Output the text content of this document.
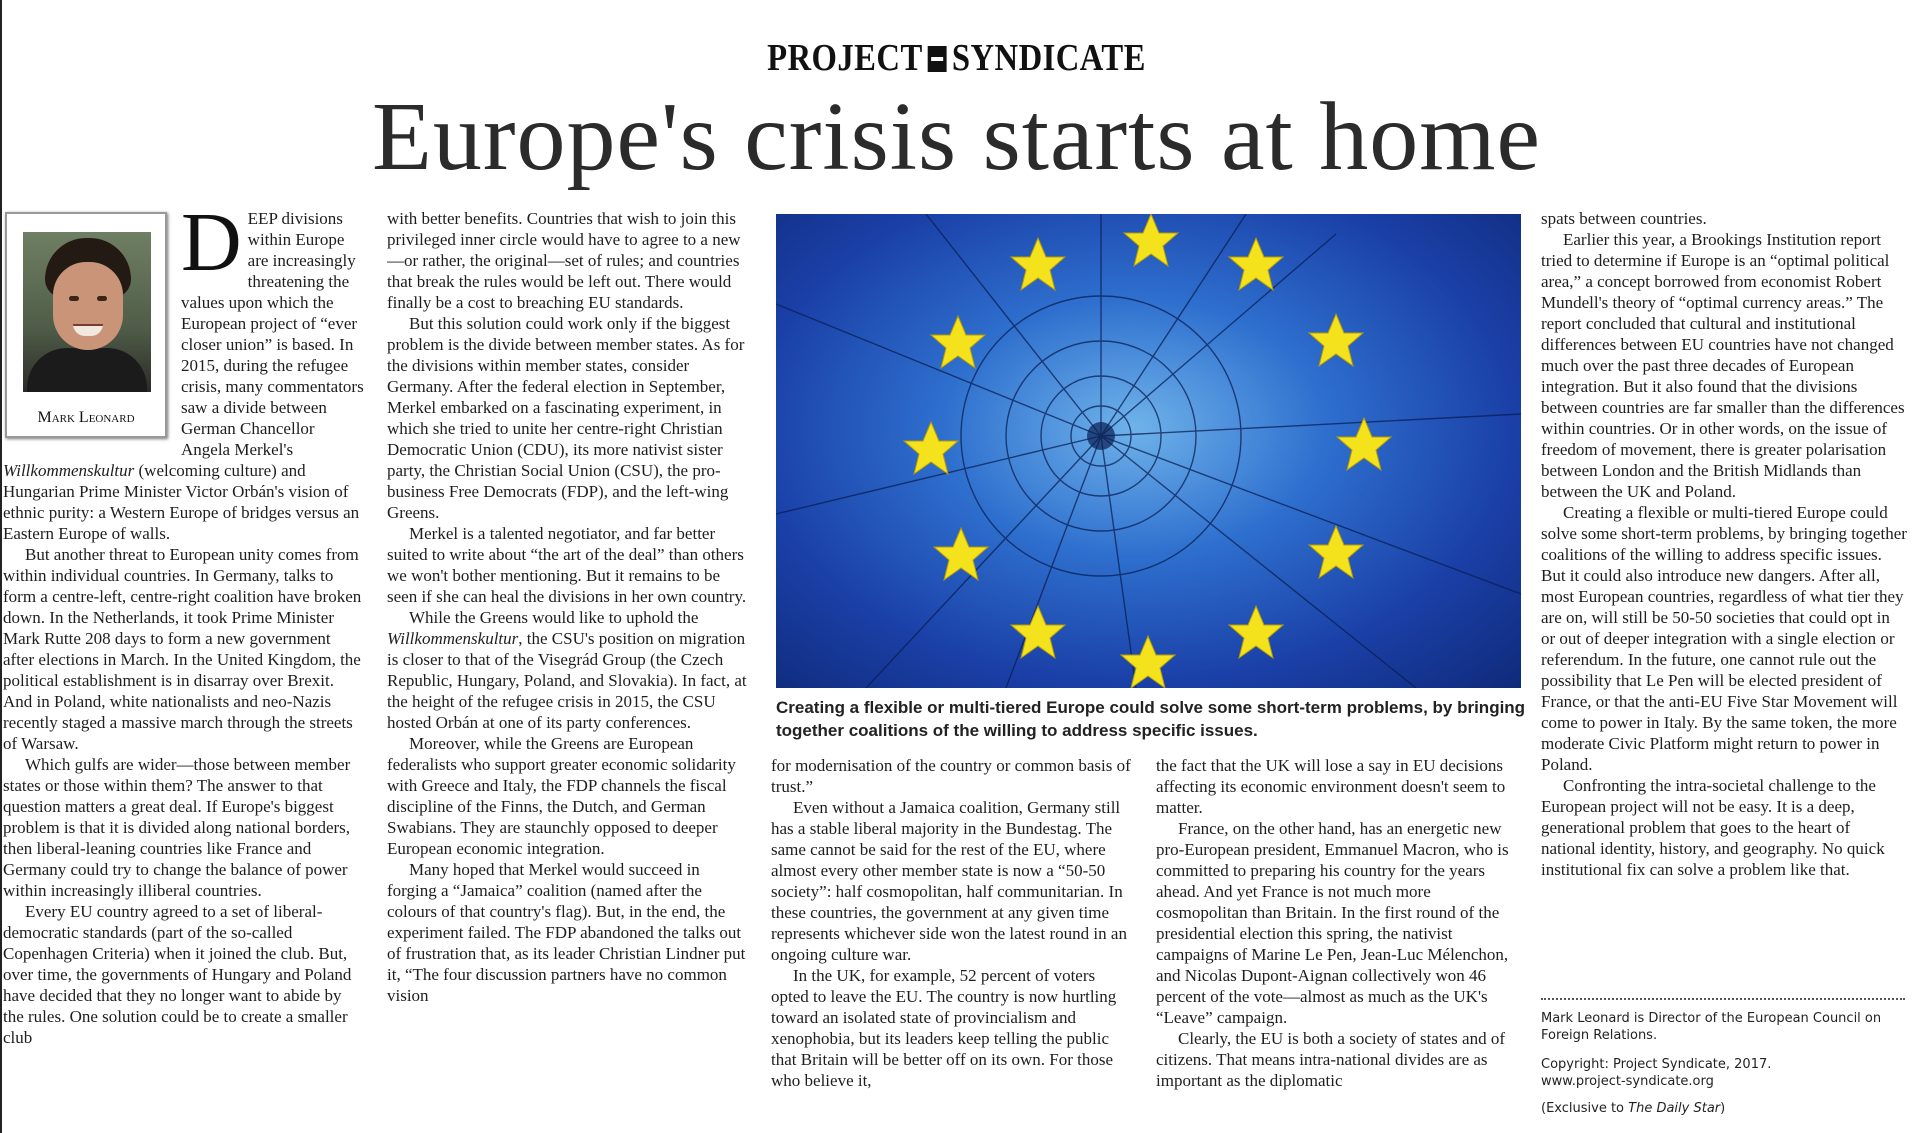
PROJECT SYNDICATE
Europe's crisis starts at home
Mark Leonard

DEEP divisions within Europe are increasingly threatening the values upon which the European project of “ever closer union” is based. In 2015, during the refugee crisis, many commentators saw a divide between German Chancellor Angela Merkel's Willkommenskultur (welcoming culture) and Hungarian Prime Minister Victor Orbán's vision of ethnic purity: a Western Europe of bridges versus an Eastern Europe of walls.

But another threat to European unity comes from within individual countries. In Germany, talks to form a centre-left, centre-right coalition have broken down. In the Netherlands, it took Prime Minister Mark Rutte 208 days to form a new government after elections in March. In the United Kingdom, the political establishment is in disarray over Brexit. And in Poland, white nationalists and neo-Nazis recently staged a massive march through the streets of Warsaw.

Which gulfs are wider—those between member states or those within them? The answer to that question matters a great deal. If Europe's biggest problem is that it is divided along national borders, then liberal-leaning countries like France and Germany could try to change the balance of power within increasingly illiberal countries.

Every EU country agreed to a set of liberal-democratic standards (part of the so-called Copenhagen Criteria) when it joined the club. But, over time, the governments of Hungary and Poland have decided that they no longer want to abide by the rules. One solution could be to create a smaller club

with better benefits. Countries that wish to join this privileged inner circle would have to agree to a new—or rather, the original—set of rules; and countries that break the rules would be left out. There would finally be a cost to breaching EU standards.

But this solution could work only if the biggest problem is the divide between member states. As for the divisions within member states, consider Germany. After the federal election in September, Merkel embarked on a fascinating experiment, in which she tried to unite her centre-right Christian Democratic Union (CDU), its more nativist sister party, the Christian Social Union (CSU), the pro-business Free Democrats (FDP), and the left-wing Greens.

Merkel is a talented negotiator, and far better suited to write about “the art of the deal” than others we won't bother mentioning. But it remains to be seen if she can heal the divisions in her own country.

While the Greens would like to uphold the Willkommenskultur, the CSU's position on migration is closer to that of the Visegrád Group (the Czech Republic, Hungary, Poland, and Slovakia). In fact, at the height of the refugee crisis in 2015, the CSU hosted Orbán at one of its party conferences.

Moreover, while the Greens are European federalists who support greater economic solidarity with Greece and Italy, the FDP channels the fiscal discipline of the Finns, the Dutch, and German Swabians. They are staunchly opposed to deeper European economic integration.

Many hoped that Merkel would succeed in forging a “Jamaica” coalition (named after the colours of that country's flag). But, in the end, the experiment failed. The FDP abandoned the talks out of frustration that, as its leader Christian Lindner put it, “The four discussion partners have no common vision

Creating a flexible or multi-tiered Europe could solve some short-term problems, by bringing together coalitions of the willing to address specific issues.

for modernisation of the country or common basis of trust.”

Even without a Jamaica coalition, Germany still has a stable liberal majority in the Bundestag. The same cannot be said for the rest of the EU, where almost every other member state is now a “50-50 society”: half cosmopolitan, half communitarian. In these countries, the government at any given time represents whichever side won the latest round in an ongoing culture war.

In the UK, for example, 52 percent of voters opted to leave the EU. The country is now hurtling toward an isolated state of provincialism and xenophobia, but its leaders keep telling the public that Britain will be better off on its own. For those who believe it,

the fact that the UK will lose a say in EU decisions affecting its economic environment doesn't seem to matter.

France, on the other hand, has an energetic new pro-European president, Emmanuel Macron, who is committed to preparing his country for the years ahead. And yet France is not much more cosmopolitan than Britain. In the first round of the presidential election this spring, the nativist campaigns of Marine Le Pen, Jean-Luc Mélenchon, and Nicolas Dupont-Aignan collectively won 46 percent of the vote—almost as much as the UK's “Leave” campaign.

Clearly, the EU is both a society of states and of citizens. That means intra-national divides are as important as the diplomatic

spats between countries.

Earlier this year, a Brookings Institution report tried to determine if Europe is an “optimal political area,” a concept borrowed from economist Robert Mundell's theory of “optimal currency areas.” The report concluded that cultural and institutional differences between EU countries have not changed much over the past three decades of European integration. But it also found that the divisions between countries are far smaller than the differences within countries. Or in other words, on the issue of freedom of movement, there is greater polarisation between London and the British Midlands than between the UK and Poland.

Creating a flexible or multi-tiered Europe could solve some short-term problems, by bringing together coalitions of the willing to address specific issues. But it could also introduce new dangers. After all, most European countries, regardless of what tier they are on, will still be 50-50 societies that could opt in or out of deeper integration with a single election or referendum. In the future, one cannot rule out the possibility that Le Pen will be elected president of France, or that the anti-EU Five Star Movement will come to power in Italy. By the same token, the more moderate Civic Platform might return to power in Poland.

Confronting the intra-societal challenge to the European project will not be easy. It is a deep, generational problem that goes to the heart of national identity, history, and geography. No quick institutional fix can solve a problem like that.

Mark Leonard is Director of the European Council on Foreign Relations.
Copyright: Project Syndicate, 2017.
www.project-syndicate.org
(Exclusive to The Daily Star)
